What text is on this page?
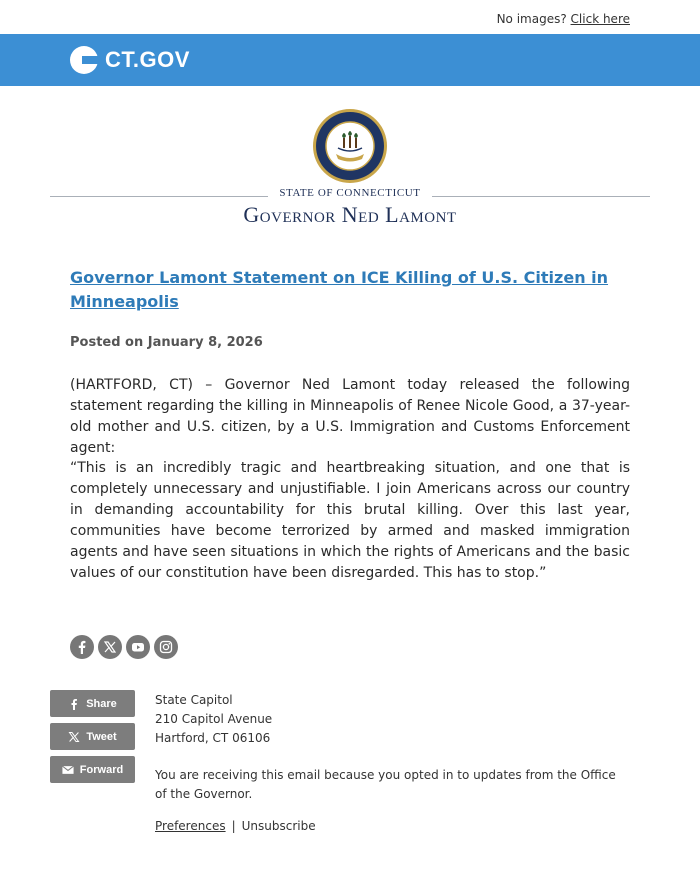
No images? Click here
CT.GOV
STATE OF CONNECTICUT
Governor Ned Lamont
Governor Lamont Statement on ICE Killing of U.S. Citizen in Minneapolis
Posted on January 8, 2026

(HARTFORD, CT) – Governor Ned Lamont today released the following statement regarding the killing in Minneapolis of Renee Nicole Good, a 37-year-old mother and U.S. citizen, by a U.S. Immigration and Customs Enforcement agent:

“This is an incredibly tragic and heartbreaking situation, and one that is completely unnecessary and unjustifiable. I join Americans across our country in demanding accountability for this brutal killing. Over this last year, communities have become terrorized by armed and masked immigration agents and have seen situations in which the rights of Americans and the basic values of our constitution have been disregarded. This has to stop.”

Share
Tweet
Forward
State Capitol
210 Capitol Avenue
Hartford, CT 06106
You are receiving this email because you opted in to updates from the Office of the Governor.
Preferences | Unsubscribe
